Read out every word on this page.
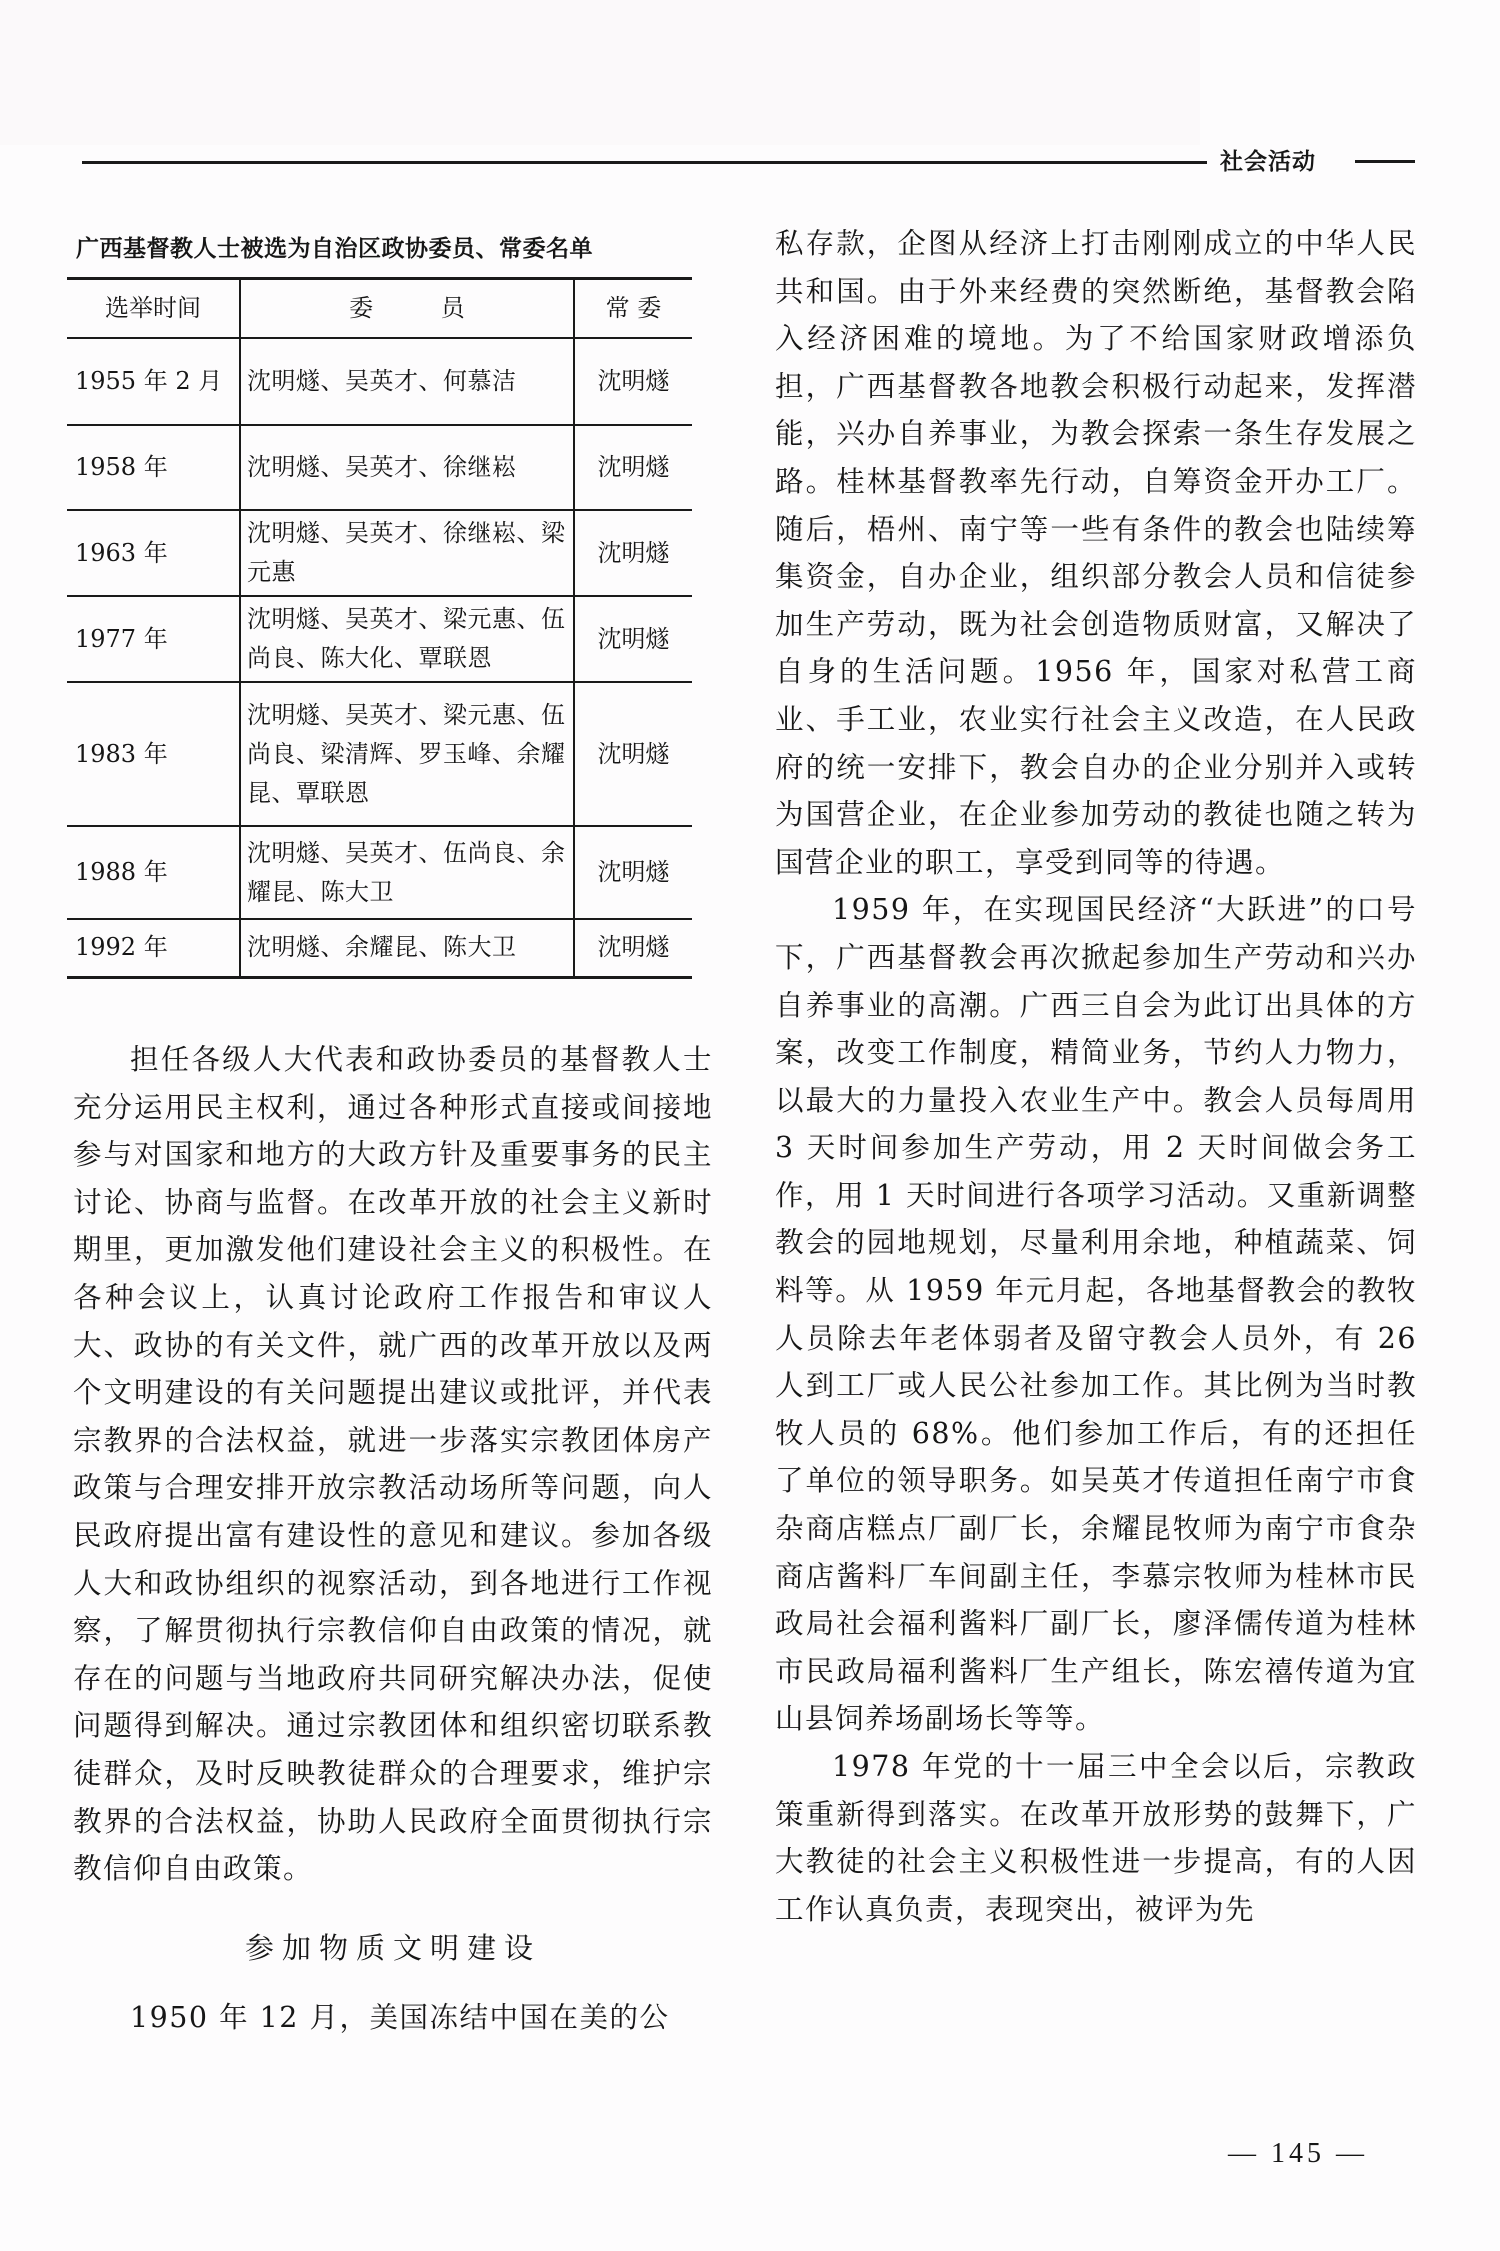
社会活动
广西基督教人士被选为自治区政协委员、常委名单
选举时间	委 员	常 委
1955 年 2 月	沈明燧、吴英才、何慕洁	沈明燧
1958 年	沈明燧、吴英才、徐继崧	沈明燧
1963 年	沈明燧、吴英才、徐继崧、梁元惠	沈明燧
1977 年	沈明燧、吴英才、梁元惠、伍尚良、陈大化、覃联恩	沈明燧
1983 年	沈明燧、吴英才、梁元惠、伍尚良、梁清辉、罗玉峰、余耀昆、覃联恩	沈明燧
1988 年	沈明燧、吴英才、伍尚良、余耀昆、陈大卫	沈明燧
1992 年	沈明燧、余耀昆、陈大卫	沈明燧

担任各级人大代表和政协委员的基督教人士充分运用民主权利，通过各种形式直接或间接地参与对国家和地方的大政方针及重要事务的民主讨论、协商与监督。在改革开放的社会主义新时期里，更加激发他们建设社会主义的积极性。在各种会议上，认真讨论政府工作报告和审议人大、政协的有关文件，就广西的改革开放以及两个文明建设的有关问题提出建议或批评，并代表宗教界的合法权益，就进一步落实宗教团体房产政策与合理安排开放宗教活动场所等问题，向人民政府提出富有建设性的意见和建议。参加各级人大和政协组织的视察活动，到各地进行工作视察，了解贯彻执行宗教信仰自由政策的情况，就存在的问题与当地政府共同研究解决办法，促使问题得到解决。通过宗教团体和组织密切联系教徒群众，及时反映教徒群众的合理要求，维护宗教界的合法权益，协助人民政府全面贯彻执行宗教信仰自由政策。

参加物质文明建设

1950 年 12 月，美国冻结中国在美的公

私存款，企图从经济上打击刚刚成立的中华人民共和国。由于外来经费的突然断绝，基督教会陷入经济困难的境地。为了不给国家财政增添负担，广西基督教各地教会积极行动起来，发挥潜能，兴办自养事业，为教会探索一条生存发展之路。桂林基督教率先行动，自筹资金开办工厂。随后，梧州、南宁等一些有条件的教会也陆续筹集资金，自办企业，组织部分教会人员和信徒参加生产劳动，既为社会创造物质财富，又解决了自身的生活问题。1956 年，国家对私营工商业、手工业，农业实行社会主义改造，在人民政府的统一安排下，教会自办的企业分别并入或转为国营企业，在企业参加劳动的教徒也随之转为国营企业的职工，享受到同等的待遇。

1959 年，在实现国民经济“大跃进”的口号下，广西基督教会再次掀起参加生产劳动和兴办自养事业的高潮。广西三自会为此订出具体的方案，改变工作制度，精简业务，节约人力物力，以最大的力量投入农业生产中。教会人员每周用 3 天时间参加生产劳动，用 2 天时间做会务工作，用 1 天时间进行各项学习活动。又重新调整教会的园地规划，尽量利用余地，种植蔬菜、饲料等。从 1959 年元月起，各地基督教会的教牧人员除去年老体弱者及留守教会人员外，有 26 人到工厂或人民公社参加工作。其比例为当时教牧人员的 68%。他们参加工作后，有的还担任了单位的领导职务。如吴英才传道担任南宁市食杂商店糕点厂副厂长，余耀昆牧师为南宁市食杂商店酱料厂车间副主任，李慕宗牧师为桂林市民政局社会福利酱料厂副厂长，廖泽儒传道为桂林市民政局福利酱料厂生产组长，陈宏禧传道为宜山县饲养场副场长等等。

1978 年党的十一届三中全会以后，宗教政策重新得到落实。在改革开放形势的鼓舞下，广大教徒的社会主义积极性进一步提高，有的人因工作认真负责，表现突出，被评为先

— 145 —
